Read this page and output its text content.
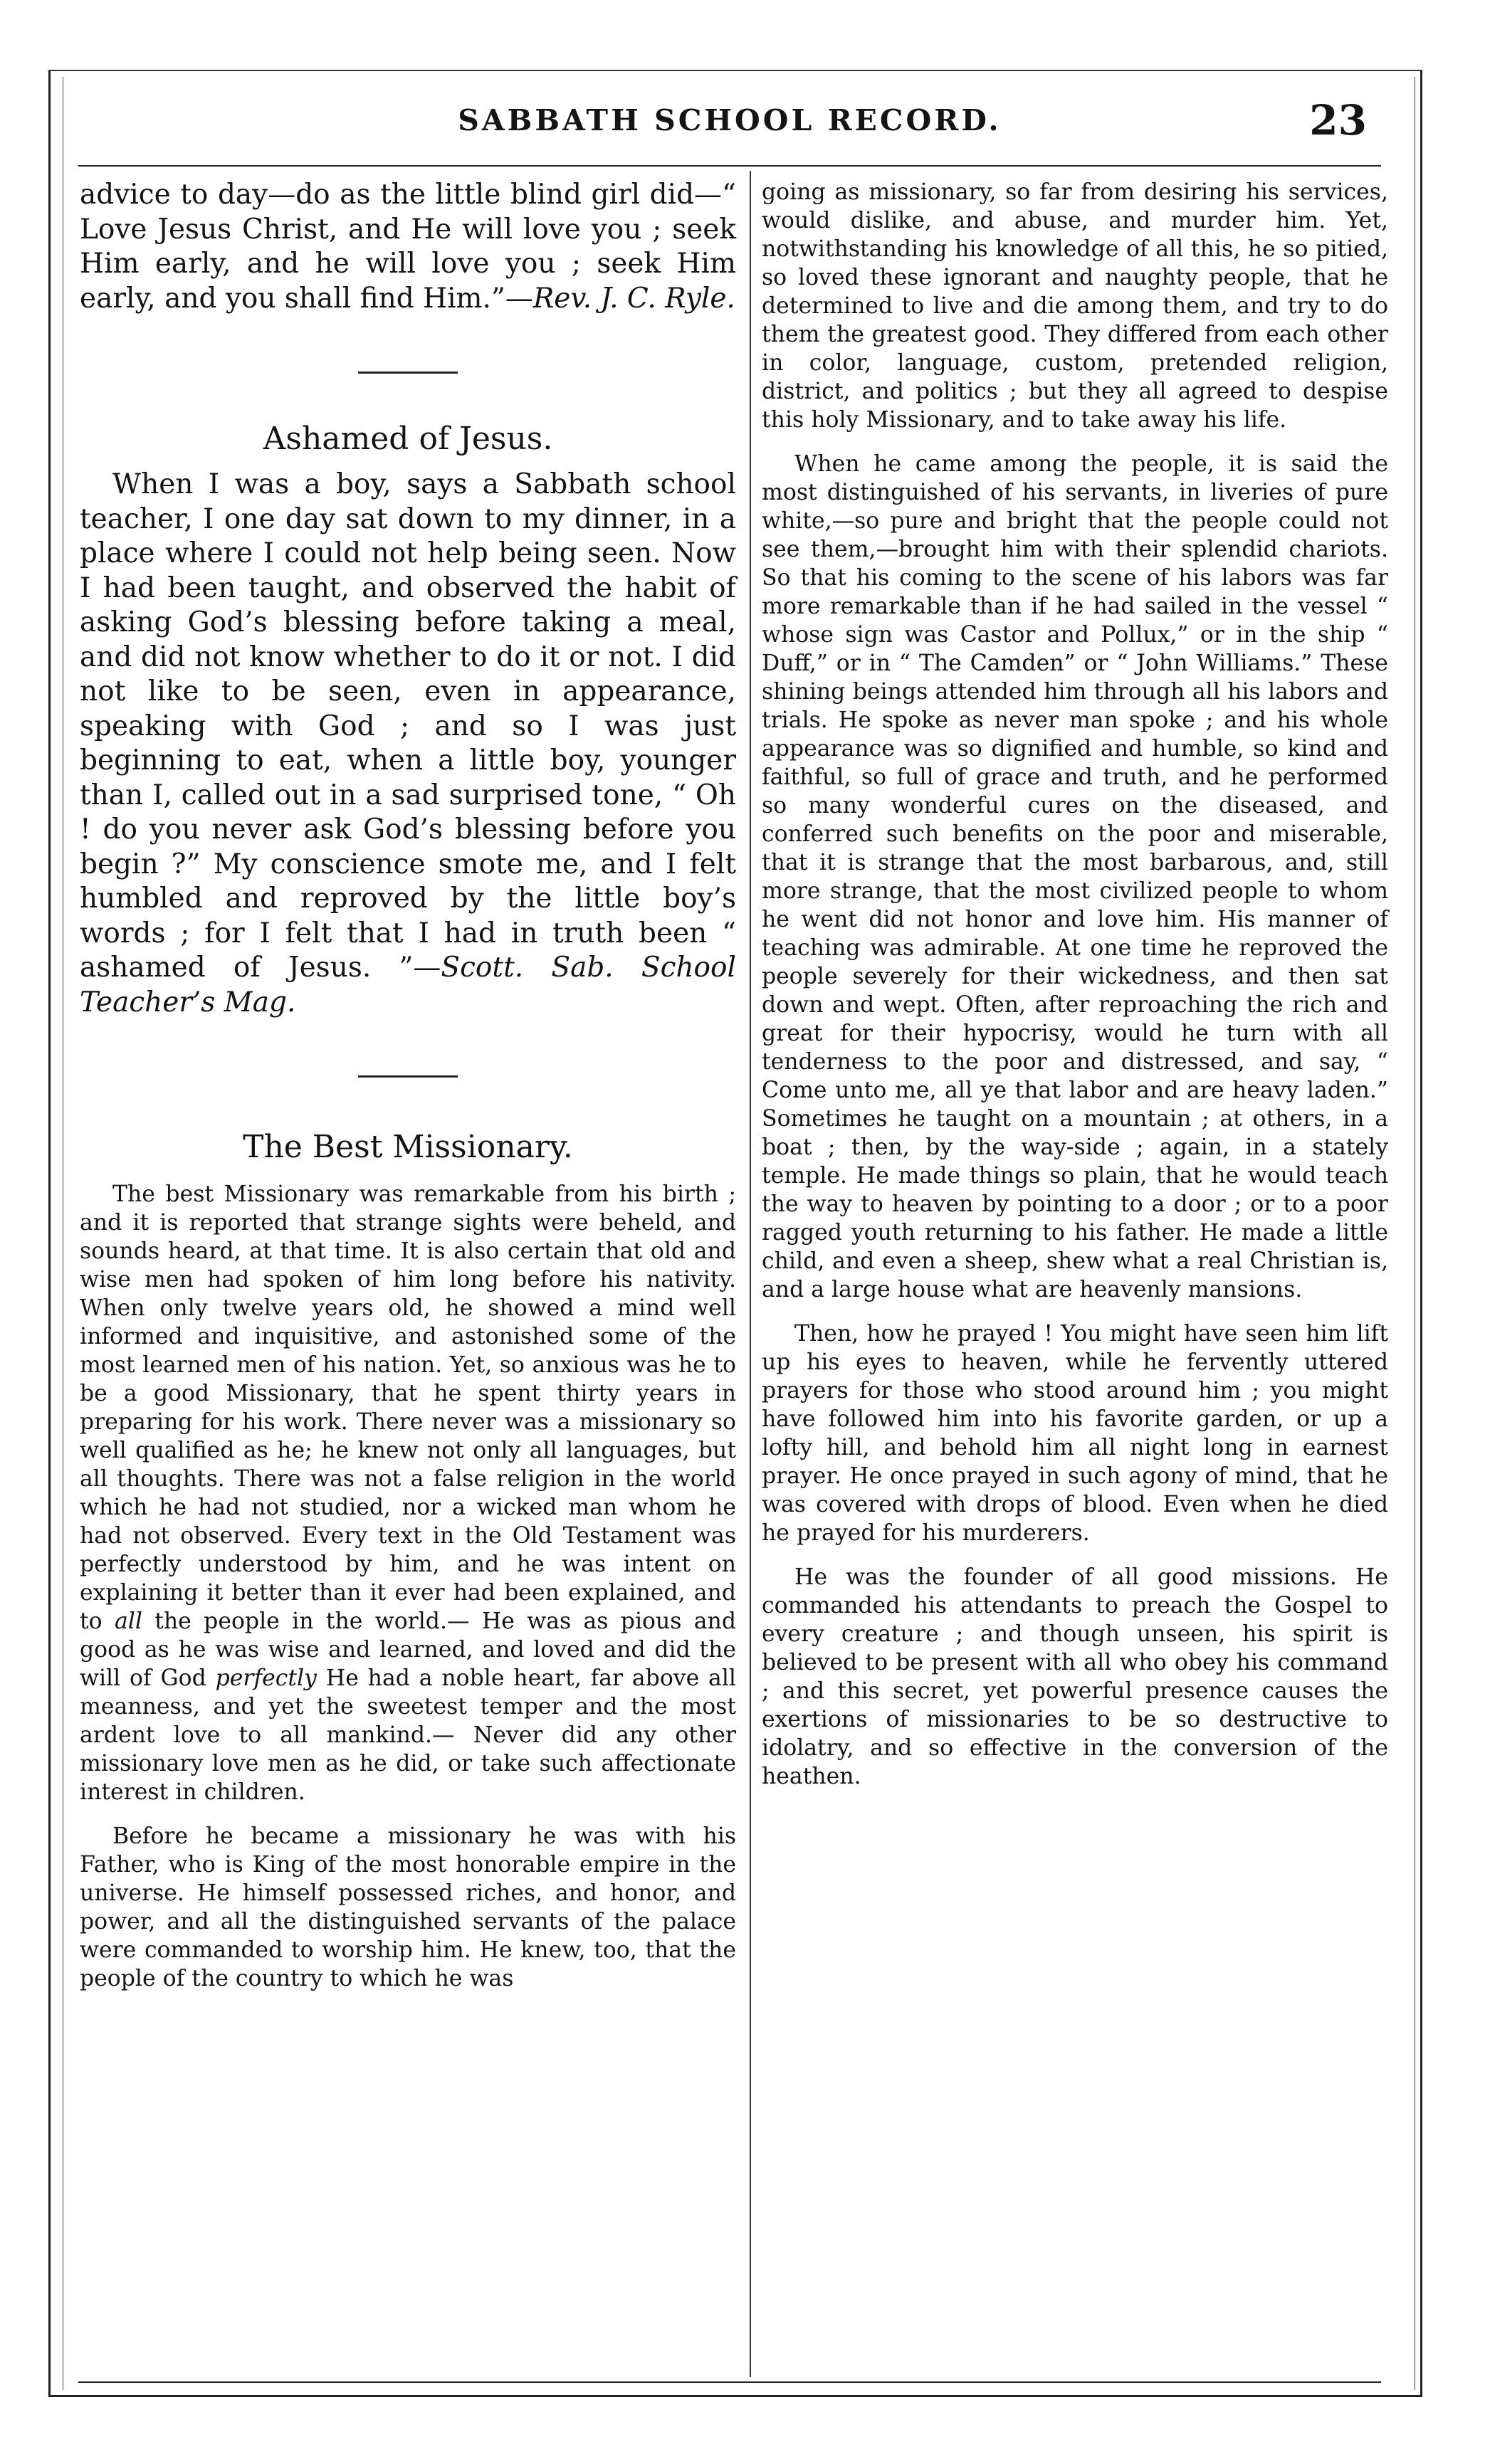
SABBATH SCHOOL RECORD.	23

advice to day—do as the little blind girl did—“ Love Jesus Christ, and He will love you ; seek Him early, and he will love you ; seek Him early, and you shall find Him.”—Rev. J. C. Ryle.

Ashamed of Jesus.

When I was a boy, says a Sabbath school teacher, I one day sat down to my dinner, in a place where I could not help being seen. Now I had been taught, and observed the habit of asking God’s blessing before taking a meal, and did not know whether to do it or not. I did not like to be seen, even in appearance, speaking with God ; and so I was just beginning to eat, when a little boy, younger than I, called out in a sad surprised tone, “ Oh ! do you never ask God’s blessing before you begin ?” My conscience smote me, and I felt humbled and reproved by the little boy’s words ; for I felt that I had in truth been “ ashamed of Jesus. ”—Scott. Sab. School Teacher’s Mag.

The Best Missionary.

The best Missionary was remarkable from his birth ; and it is reported that strange sights were beheld, and sounds heard, at that time. It is also certain that old and wise men had spoken of him long before his nativity. When only twelve years old, he showed a mind well informed and inquisitive, and astonished some of the most learned men of his nation. Yet, so anxious was he to be a good Missionary, that he spent thirty years in preparing for his work. There never was a missionary so well qualified as he; he knew not only all languages, but all thoughts. There was not a false religion in the world which he had not studied, nor a wicked man whom he had not observed. Every text in the Old Testament was perfectly understood by him, and he was intent on explaining it better than it ever had been explained, and to all the people in the world.— He was as pious and good as he was wise and learned, and loved and did the will of God perfectly He had a noble heart, far above all meanness, and yet the sweetest temper and the most ardent love to all mankind.— Never did any other missionary love men as he did, or take such affectionate interest in children.

Before he became a missionary he was with his Father, who is King of the most honorable empire in the universe. He himself possessed riches, and honor, and power, and all the distinguished servants of the palace were commanded to worship him. He knew, too, that the people of the country to which he was

going as missionary, so far from desiring his services, would dislike, and abuse, and murder him. Yet, notwithstanding his knowledge of all this, he so pitied, so loved these ignorant and naughty people, that he determined to live and die among them, and try to do them the greatest good. They differed from each other in color, language, custom, pretended religion, district, and politics ; but they all agreed to despise this holy Missionary, and to take away his life.

When he came among the people, it is said the most distinguished of his servants, in liveries of pure white,—so pure and bright that the people could not see them,—brought him with their splendid chariots. So that his coming to the scene of his labors was far more remarkable than if he had sailed in the vessel “ whose sign was Castor and Pollux,” or in the ship “ Duff,” or in “ The Camden” or “ John Williams.” These shining beings attended him through all his labors and trials. He spoke as never man spoke ; and his whole appearance was so dignified and humble, so kind and faithful, so full of grace and truth, and he performed so many wonderful cures on the diseased, and conferred such benefits on the poor and miserable, that it is strange that the most barbarous, and, still more strange, that the most civilized people to whom he went did not honor and love him. His manner of teaching was admirable. At one time he reproved the people severely for their wickedness, and then sat down and wept. Often, after reproaching the rich and great for their hypocrisy, would he turn with all tenderness to the poor and distressed, and say, “ Come unto me, all ye that labor and are heavy laden.” Sometimes he taught on a mountain ; at others, in a boat ; then, by the way-side ; again, in a stately temple. He made things so plain, that he would teach the way to heaven by pointing to a door ; or to a poor ragged youth returning to his father. He made a little child, and even a sheep, shew what a real Christian is, and a large house what are heavenly mansions.

Then, how he prayed ! You might have seen him lift up his eyes to heaven, while he fervently uttered prayers for those who stood around him ; you might have followed him into his favorite garden, or up a lofty hill, and behold him all night long in earnest prayer. He once prayed in such agony of mind, that he was covered with drops of blood. Even when he died he prayed for his murderers.

He was the founder of all good missions. He commanded his attendants to preach the Gospel to every creature ; and though unseen, his spirit is believed to be present with all who obey his command ; and this secret, yet powerful presence causes the exertions of missionaries to be so destructive to idolatry, and so effective in the conversion of the heathen.
